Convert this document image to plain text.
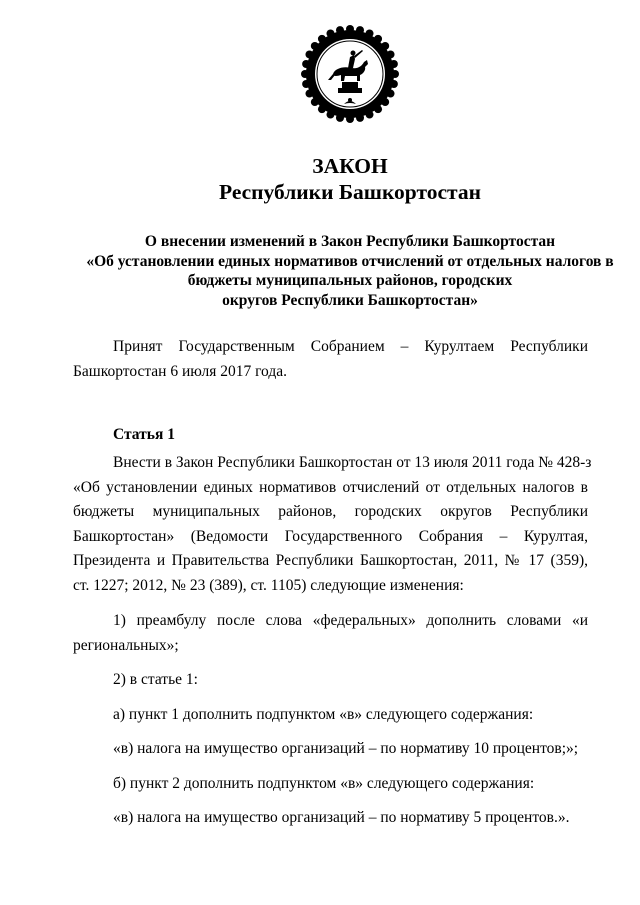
ЗАКОН
Республики Башкортостан
О внесении изменений в Закон Республики Башкортостан
«Об установлении единых нормативов отчислений от отдельных налогов в
бюджеты муниципальных районов, городских
округов Республики Башкортостан»
Принят Государственным Собранием – Курултаем Республики
Башкортостан 6 июля 2017 года.
Статья 1
Внести в Закон Республики Башкортостан от 13 июля 2011 года № 428-з
«Об установлении единых нормативов отчислений от отдельных налогов в
бюджеты муниципальных районов, городских округов Республики
Башкортостан» (Ведомости Государственного Собрания – Курултая,
Президента и Правительства Республики Башкортостан, 2011, № 17 (359),
ст. 1227; 2012, № 23 (389), ст. 1105) следующие изменения:
1) преамбулу после слова «федеральных» дополнить словами «и
региональных»;
2) в статье 1:
а) пункт 1 дополнить подпунктом «в» следующего содержания:
«в) налога на имущество организаций – по нормативу 10 процентов;»;
б) пункт 2 дополнить подпунктом «в» следующего содержания:
«в) налога на имущество организаций – по нормативу 5 процентов.».
